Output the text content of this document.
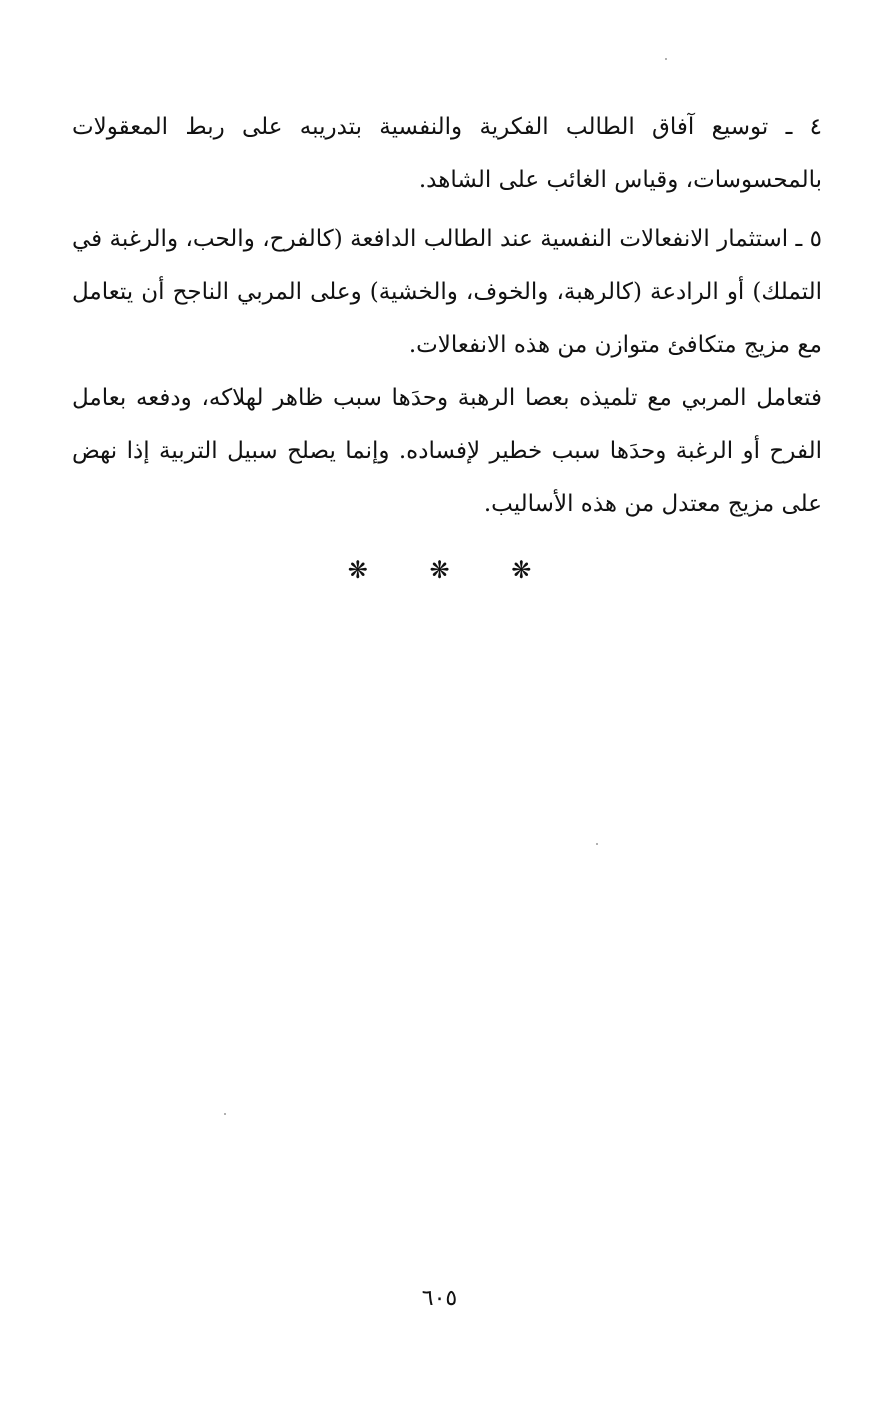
٤ ـ توسيع آفاق الطالب الفكرية والنفسية بتدريبه على ربط المعقولات بالمحسوسات، وقياس الغائب على الشاهد.

٥ ـ استثمار الانفعالات النفسية عند الطالب الدافعة (كالفرح، والحب، والرغبة في التملك) أو الرادعة (كالرهبة، والخوف، والخشية) وعلى المربي الناجح أن يتعامل مع مزيج متكافئ متوازن من هذه الانفعالات.

فتعامل المربي مع تلميذه بعصا الرهبة وحدَها سبب ظاهر لهلاكه، ودفعه بعامل الفرح أو الرغبة وحدَها سبب خطير لإفساده. وإنما يصلح سبيل التربية إذا نهض على مزيج معتدل من هذه الأساليب.

❋ ❋ ❋
٦٠٥
